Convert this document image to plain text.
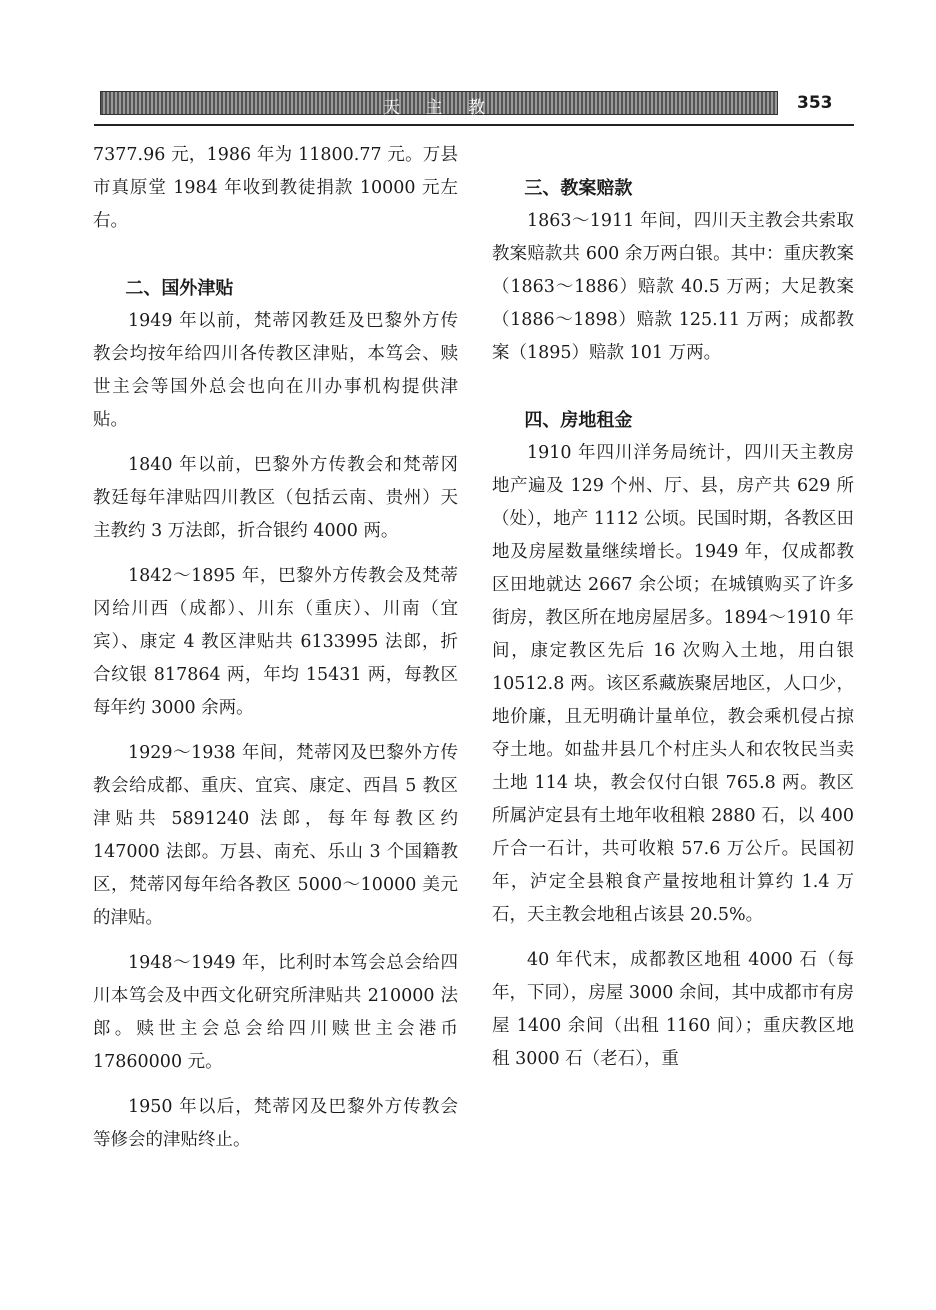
天 主 教	353

7377.96 元，1986 年为 11800.77 元。万县市真原堂 1984 年收到教徒捐款 10000 元左右。

二、国外津贴

1949 年以前，梵蒂冈教廷及巴黎外方传教会均按年给四川各传教区津贴，本笃会、赎世主会等国外总会也向在川办事机构提供津贴。

1840 年以前，巴黎外方传教会和梵蒂冈教廷每年津贴四川教区（包括云南、贵州）天主教约 3 万法郎，折合银约 4000 两。

1842～1895 年，巴黎外方传教会及梵蒂冈给川西（成都）、川东（重庆）、川南（宜宾）、康定 4 教区津贴共 6133995 法郎，折合纹银 817864 两，年均 15431 两，每教区每年约 3000 余两。

1929～1938 年间，梵蒂冈及巴黎外方传教会给成都、重庆、宜宾、康定、西昌 5 教区津贴共 5891240 法郎，每年每教区约 147000 法郎。万县、南充、乐山 3 个国籍教区，梵蒂冈每年给各教区 5000～10000 美元的津贴。

1948～1949 年，比利时本笃会总会给四川本笃会及中西文化研究所津贴共 210000 法郎。赎世主会总会给四川赎世主会港币 17860000 元。

1950 年以后，梵蒂冈及巴黎外方传教会等修会的津贴终止。

三、教案赔款

1863～1911 年间，四川天主教会共索取教案赔款共 600 余万两白银。其中：重庆教案（1863～1886）赔款 40.5 万两；大足教案（1886～1898）赔款 125.11 万两；成都教案（1895）赔款 101 万两。

四、房地租金

1910 年四川洋务局统计，四川天主教房地产遍及 129 个州、厅、县，房产共 629 所（处），地产 1112 公顷。民国时期，各教区田地及房屋数量继续增长。1949 年，仅成都教区田地就达 2667 余公顷；在城镇购买了许多街房，教区所在地房屋居多。1894～1910 年间，康定教区先后 16 次购入土地，用白银 10512.8 两。该区系藏族聚居地区，人口少，地价廉，且无明确计量单位，教会乘机侵占掠夺土地。如盐井县几个村庄头人和农牧民当卖土地 114 块，教会仅付白银 765.8 两。教区所属泸定县有土地年收租粮 2880 石，以 400 斤合一石计，共可收粮 57.6 万公斤。民国初年，泸定全县粮食产量按地租计算约 1.4 万石，天主教会地租占该县 20.5%。

40 年代末，成都教区地租 4000 石（每年，下同），房屋 3000 余间，其中成都市有房屋 1400 余间（出租 1160 间）；重庆教区地租 3000 石（老石），重
